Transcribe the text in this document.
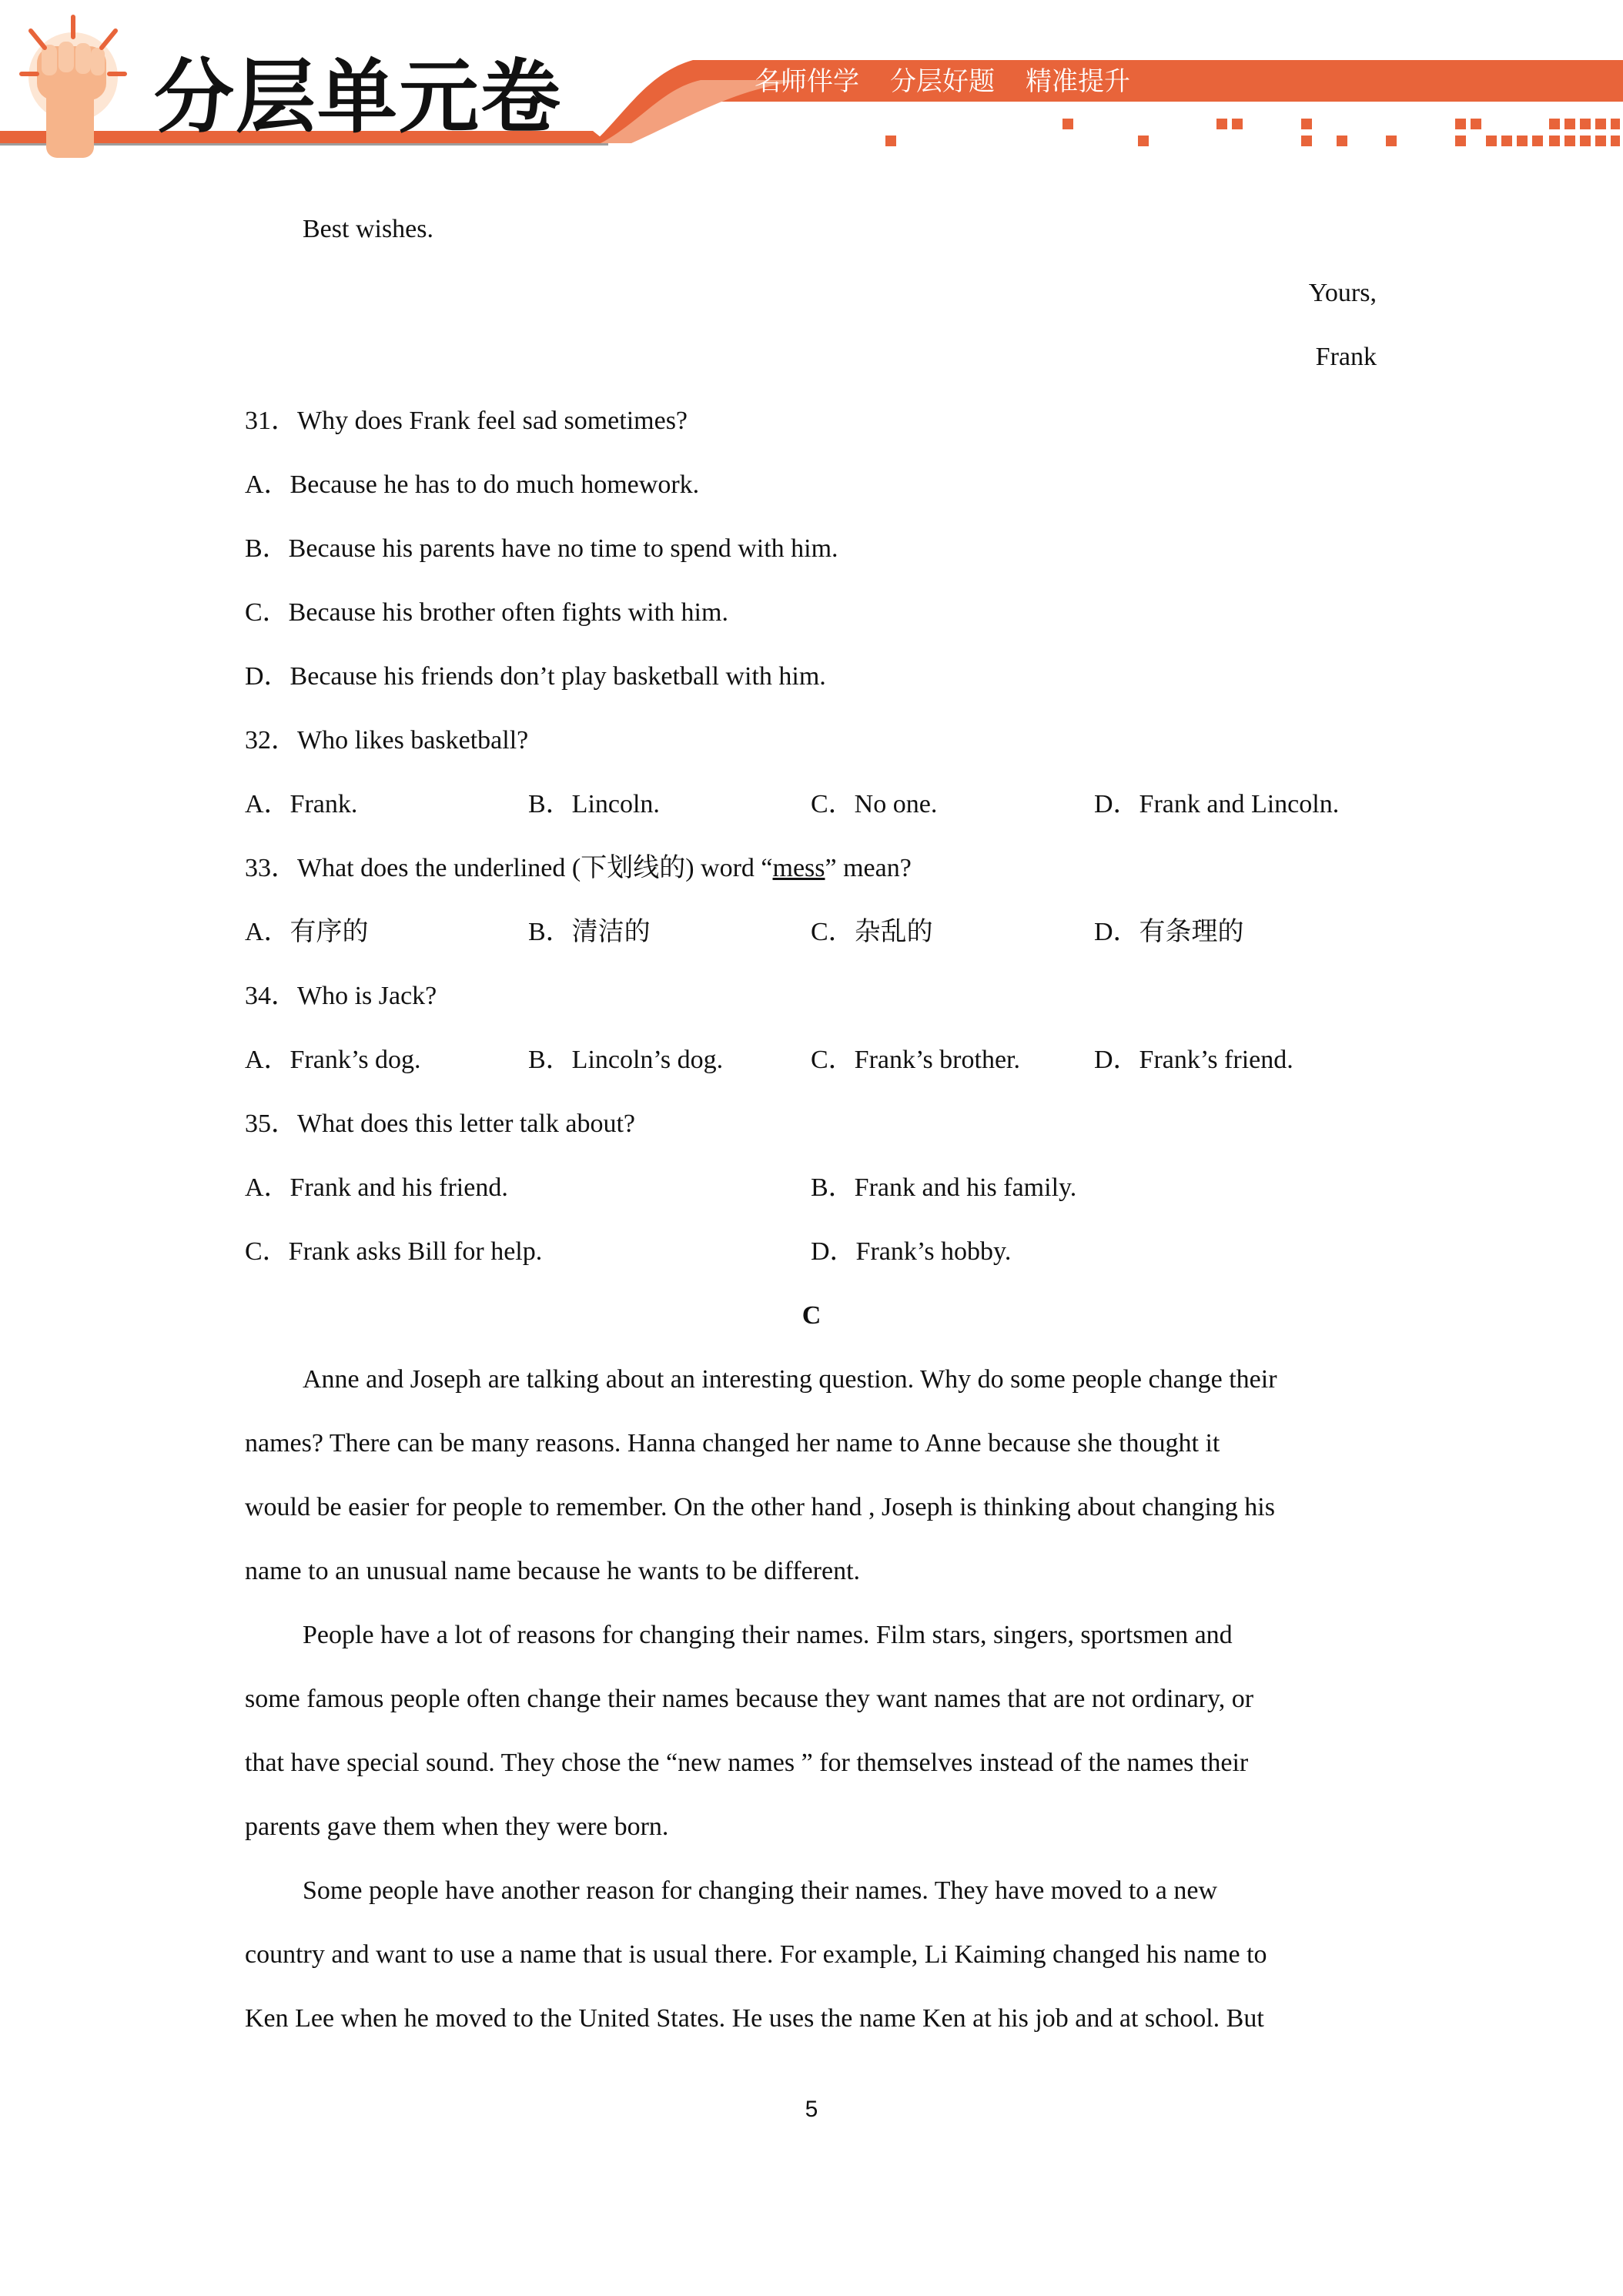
分层单元卷	名师伴学 分层好题 精准提升
Best wishes.
Yours,
Frank
31．Why does Frank feel sad sometimes?
A．Because he has to do much homework.
B．Because his parents have no time to spend with him.
C．Because his brother often fights with him.
D．Because his friends don’t play basketball with him.
32．Who likes basketball?
A．Frank.	B．Lincoln.	C．No one.	D．Frank and Lincoln.
33．What does the underlined (下划线的) word “mess” mean?
A．有序的	B．清洁的	C．杂乱的	D．有条理的
34．Who is Jack?
A．Frank’s dog.	B．Lincoln’s dog.	C．Frank’s brother.	D．Frank’s friend.
35．What does this letter talk about?
A．Frank and his friend.	B．Frank and his family.
C．Frank asks Bill for help.	D．Frank’s hobby.
C
Anne and Joseph are talking about an interesting question. Why do some people change their
names? There can be many reasons. Hanna changed her name to Anne because she thought it
would be easier for people to remember. On the other hand , Joseph is thinking about changing his
name to an unusual name because he wants to be different.
People have a lot of reasons for changing their names. Film stars, singers, sportsmen and
some famous people often change their names because they want names that are not ordinary, or
that have special sound. They chose the “new names ” for themselves instead of the names their
parents gave them when they were born.
Some people have another reason for changing their names. They have moved to a new
country and want to use a name that is usual there. For example, Li Kaiming changed his name to
Ken Lee when he moved to the United States. He uses the name Ken at his job and at school. But
5
